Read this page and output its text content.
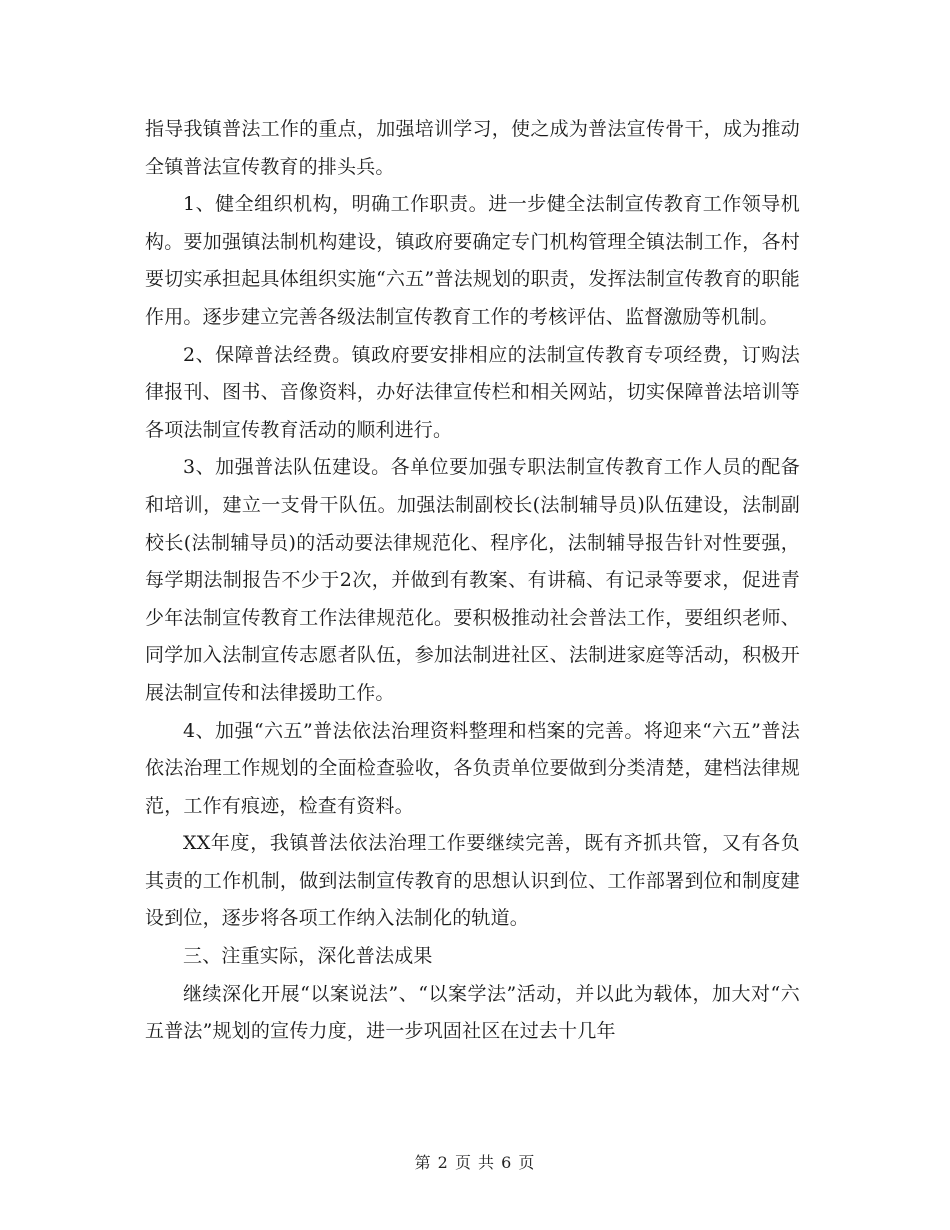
指导我镇普法工作的重点，加强培训学习，使之成为普法宣传骨干，成为推动全镇普法宣传教育的排头兵。

1、健全组织机构，明确工作职责。进一步健全法制宣传教育工作领导机构。要加强镇法制机构建设，镇政府要确定专门机构管理全镇法制工作，各村要切实承担起具体组织实施“六五”普法规划的职责，发挥法制宣传教育的职能作用。逐步建立完善各级法制宣传教育工作的考核评估、监督激励等机制。

2、保障普法经费。镇政府要安排相应的法制宣传教育专项经费，订购法律报刊、图书、音像资料，办好法律宣传栏和相关网站，切实保障普法培训等各项法制宣传教育活动的顺利进行。

3、加强普法队伍建设。各单位要加强专职法制宣传教育工作人员的配备和培训，建立一支骨干队伍。加强法制副校长(法制辅导员)队伍建设，法制副校长(法制辅导员)的活动要法律规范化、程序化，法制辅导报告针对性要强，每学期法制报告不少于2次，并做到有教案、有讲稿、有记录等要求，促进青少年法制宣传教育工作法律规范化。要积极推动社会普法工作，要组织老师、同学加入法制宣传志愿者队伍，参加法制进社区、法制进家庭等活动，积极开展法制宣传和法律援助工作。

4、加强“六五”普法依法治理资料整理和档案的完善。将迎来“六五”普法依法治理工作规划的全面检查验收，各负责单位要做到分类清楚，建档法律规范，工作有痕迹，检查有资料。

XX年度，我镇普法依法治理工作要继续完善，既有齐抓共管，又有各负其责的工作机制，做到法制宣传教育的思想认识到位、工作部署到位和制度建设到位，逐步将各项工作纳入法制化的轨道。

三、注重实际，深化普法成果

继续深化开展“以案说法”、“以案学法”活动，并以此为载体，加大对“六五普法”规划的宣传力度，进一步巩固社区在过去十几年

第 2 页 共 6 页
